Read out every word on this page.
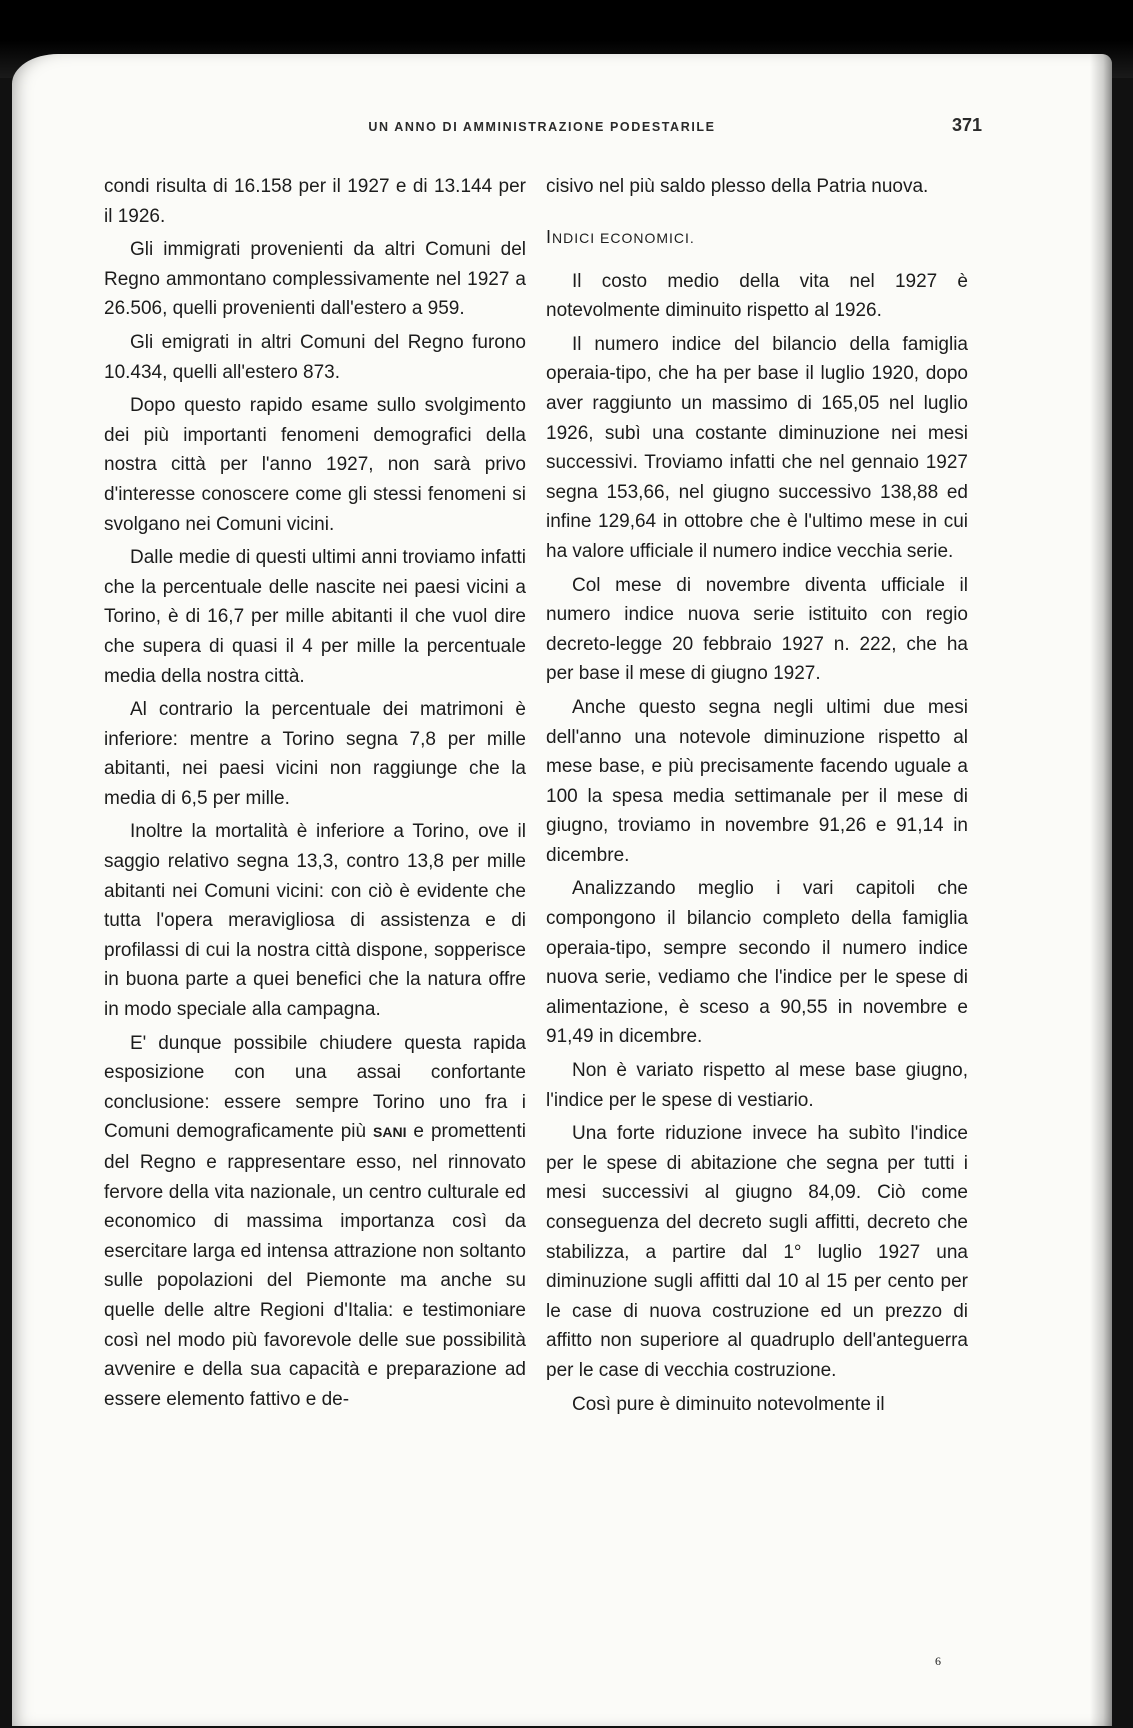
UN ANNO DI AMMINISTRAZIONE PODESTARILE	371

condi risulta di 16.158 per il 1927 e di 13.144 per il 1926.

Gli immigrati provenienti da altri Comuni del Regno ammontano complessivamente nel 1927 a 26.506, quelli provenienti dall'estero a 959.

Gli emigrati in altri Comuni del Regno furono 10.434, quelli all'estero 873.

Dopo questo rapido esame sullo svolgimento dei più importanti fenomeni demografici della nostra città per l'anno 1927, non sarà privo d'interesse conoscere come gli stessi fenomeni si svolgano nei Comuni vicini.

Dalle medie di questi ultimi anni troviamo infatti che la percentuale delle nascite nei paesi vicini a Torino, è di 16,7 per mille abitanti il che vuol dire che supera di quasi il 4 per mille la percentuale media della nostra città.

Al contrario la percentuale dei matrimoni è inferiore: mentre a Torino segna 7,8 per mille abitanti, nei paesi vicini non raggiunge che la media di 6,5 per mille.

Inoltre la mortalità è inferiore a Torino, ove il saggio relativo segna 13,3, contro 13,8 per mille abitanti nei Comuni vicini: con ciò è evidente che tutta l'opera meravigliosa di assistenza e di profilassi di cui la nostra città dispone, sopperisce in buona parte a quei benefici che la natura offre in modo speciale alla campagna.

E' dunque possibile chiudere questa rapida esposizione con una assai confortante conclusione: essere sempre Torino uno fra i Comuni demograficamente più SANI e promettenti del Regno e rappresentare esso, nel rinnovato fervore della vita nazionale, un centro culturale ed economico di massima importanza così da esercitare larga ed intensa attrazione non soltanto sulle popolazioni del Piemonte ma anche su quelle delle altre Regioni d'Italia: e testimoniare così nel modo più favorevole delle sue possibilità avvenire e della sua capacità e preparazione ad essere elemento fattivo e de-

cisivo nel più saldo plesso della Patria nuova.

INDICI ECONOMICI.

Il costo medio della vita nel 1927 è notevolmente diminuito rispetto al 1926.

Il numero indice del bilancio della famiglia operaia-tipo, che ha per base il luglio 1920, dopo aver raggiunto un massimo di 165,05 nel luglio 1926, subì una costante diminuzione nei mesi successivi. Troviamo infatti che nel gennaio 1927 segna 153,66, nel giugno successivo 138,88 ed infine 129,64 in ottobre che è l'ultimo mese in cui ha valore ufficiale il numero indice vecchia serie.

Col mese di novembre diventa ufficiale il numero indice nuova serie istituito con regio decreto-legge 20 febbraio 1927 n. 222, che ha per base il mese di giugno 1927.

Anche questo segna negli ultimi due mesi dell'anno una notevole diminuzione rispetto al mese base, e più precisamente facendo uguale a 100 la spesa media settimanale per il mese di giugno, troviamo in novembre 91,26 e 91,14 in dicembre.

Analizzando meglio i vari capitoli che compongono il bilancio completo della famiglia operaia-tipo, sempre secondo il numero indice nuova serie, vediamo che l'indice per le spese di alimentazione, è sceso a 90,55 in novembre e 91,49 in dicembre.

Non è variato rispetto al mese base giugno, l'indice per le spese di vestiario.

Una forte riduzione invece ha subìto l'indice per le spese di abitazione che segna per tutti i mesi successivi al giugno 84,09. Ciò come conseguenza del decreto sugli affitti, decreto che stabilizza, a partire dal 1° luglio 1927 una diminuzione sugli affitti dal 10 al 15 per cento per le case di nuova costruzione ed un prezzo di affitto non superiore al quadruplo dell'anteguerra per le case di vecchia costruzione.

Così pure è diminuito notevolmente il

6
